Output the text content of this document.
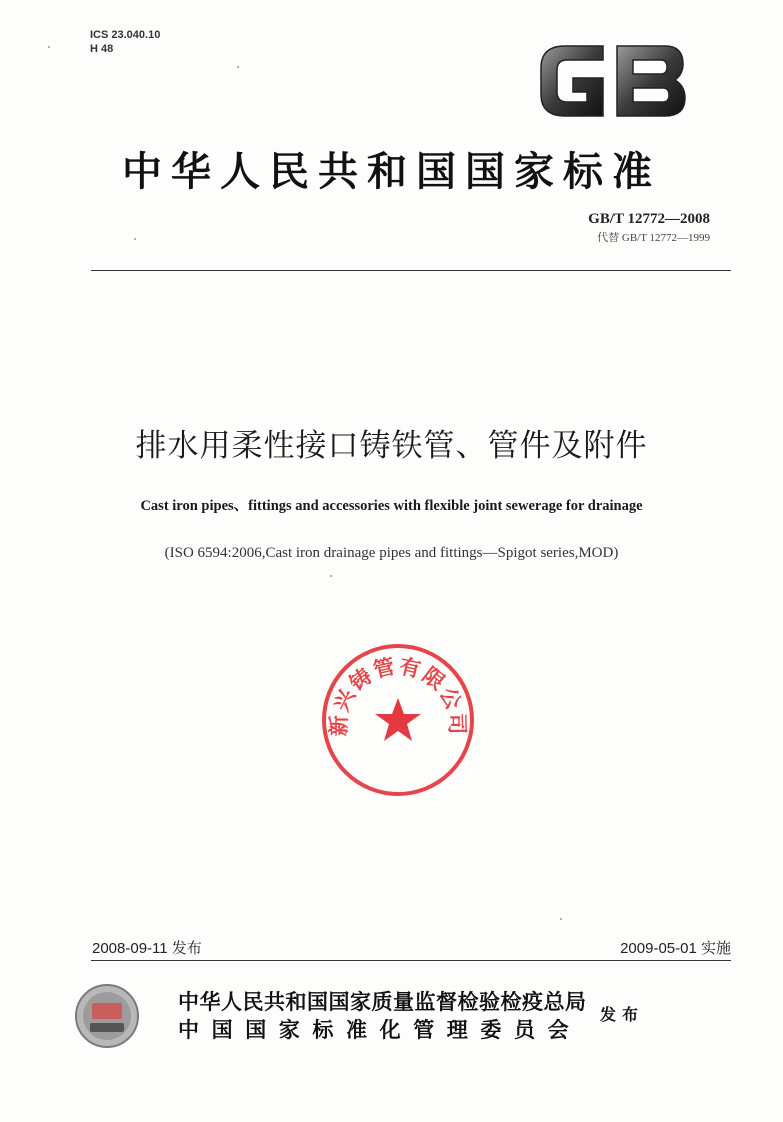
ICS 23.040.10
H 48
中华人民共和国国家标准
GB/T 12772—2008
代替 GB/T 12772—1999
排水用柔性接口铸铁管、管件及附件
Cast iron pipes、fittings and accessories with flexible joint sewerage for drainage
(ISO 6594:2006,Cast iron drainage pipes and fittings—Spigot series,MOD)
新兴铸管有限公司
2008-09-11 发布	2009-05-01 实施
中华人民共和国国家质量监督检验检疫总局
中国国家标准化管理委员会
发布
